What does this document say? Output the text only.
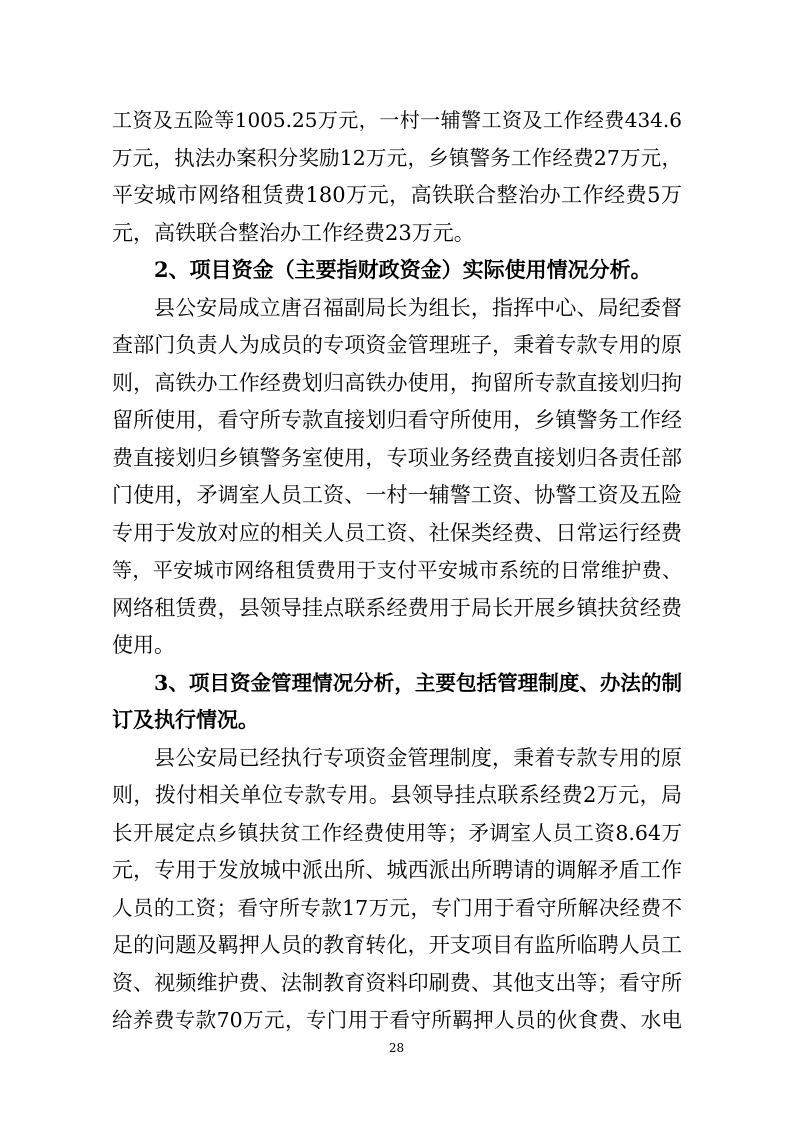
工资及五险等1005.25万元，一村一辅警工资及工作经费434.6
万元，执法办案积分奖励12万元，乡镇警务工作经费27万元，
平安城市网络租赁费180万元，高铁联合整治办工作经费5万
元，高铁联合整治办工作经费23万元。
2、项目资金（主要指财政资金）实际使用情况分析。
县公安局成立唐召福副局长为组长，指挥中心、局纪委督
查部门负责人为成员的专项资金管理班子，秉着专款专用的原
则，高铁办工作经费划归高铁办使用，拘留所专款直接划归拘
留所使用，看守所专款直接划归看守所使用，乡镇警务工作经
费直接划归乡镇警务室使用，专项业务经费直接划归各责任部
门使用，矛调室人员工资、一村一辅警工资、协警工资及五险
专用于发放对应的相关人员工资、社保类经费、日常运行经费
等，平安城市网络租赁费用于支付平安城市系统的日常维护费、
网络租赁费，县领导挂点联系经费用于局长开展乡镇扶贫经费
使用。
3、项目资金管理情况分析，主要包括管理制度、办法的制
订及执行情况。
县公安局已经执行专项资金管理制度，秉着专款专用的原
则，拨付相关单位专款专用。县领导挂点联系经费2万元，局
长开展定点乡镇扶贫工作经费使用等；矛调室人员工资8.64万
元，专用于发放城中派出所、城西派出所聘请的调解矛盾工作
人员的工资；看守所专款17万元，专门用于看守所解决经费不
足的问题及羁押人员的教育转化，开支项目有监所临聘人员工
资、视频维护费、法制教育资料印刷费、其他支出等；看守所
给养费专款70万元，专门用于看守所羁押人员的伙食费、水电
28
